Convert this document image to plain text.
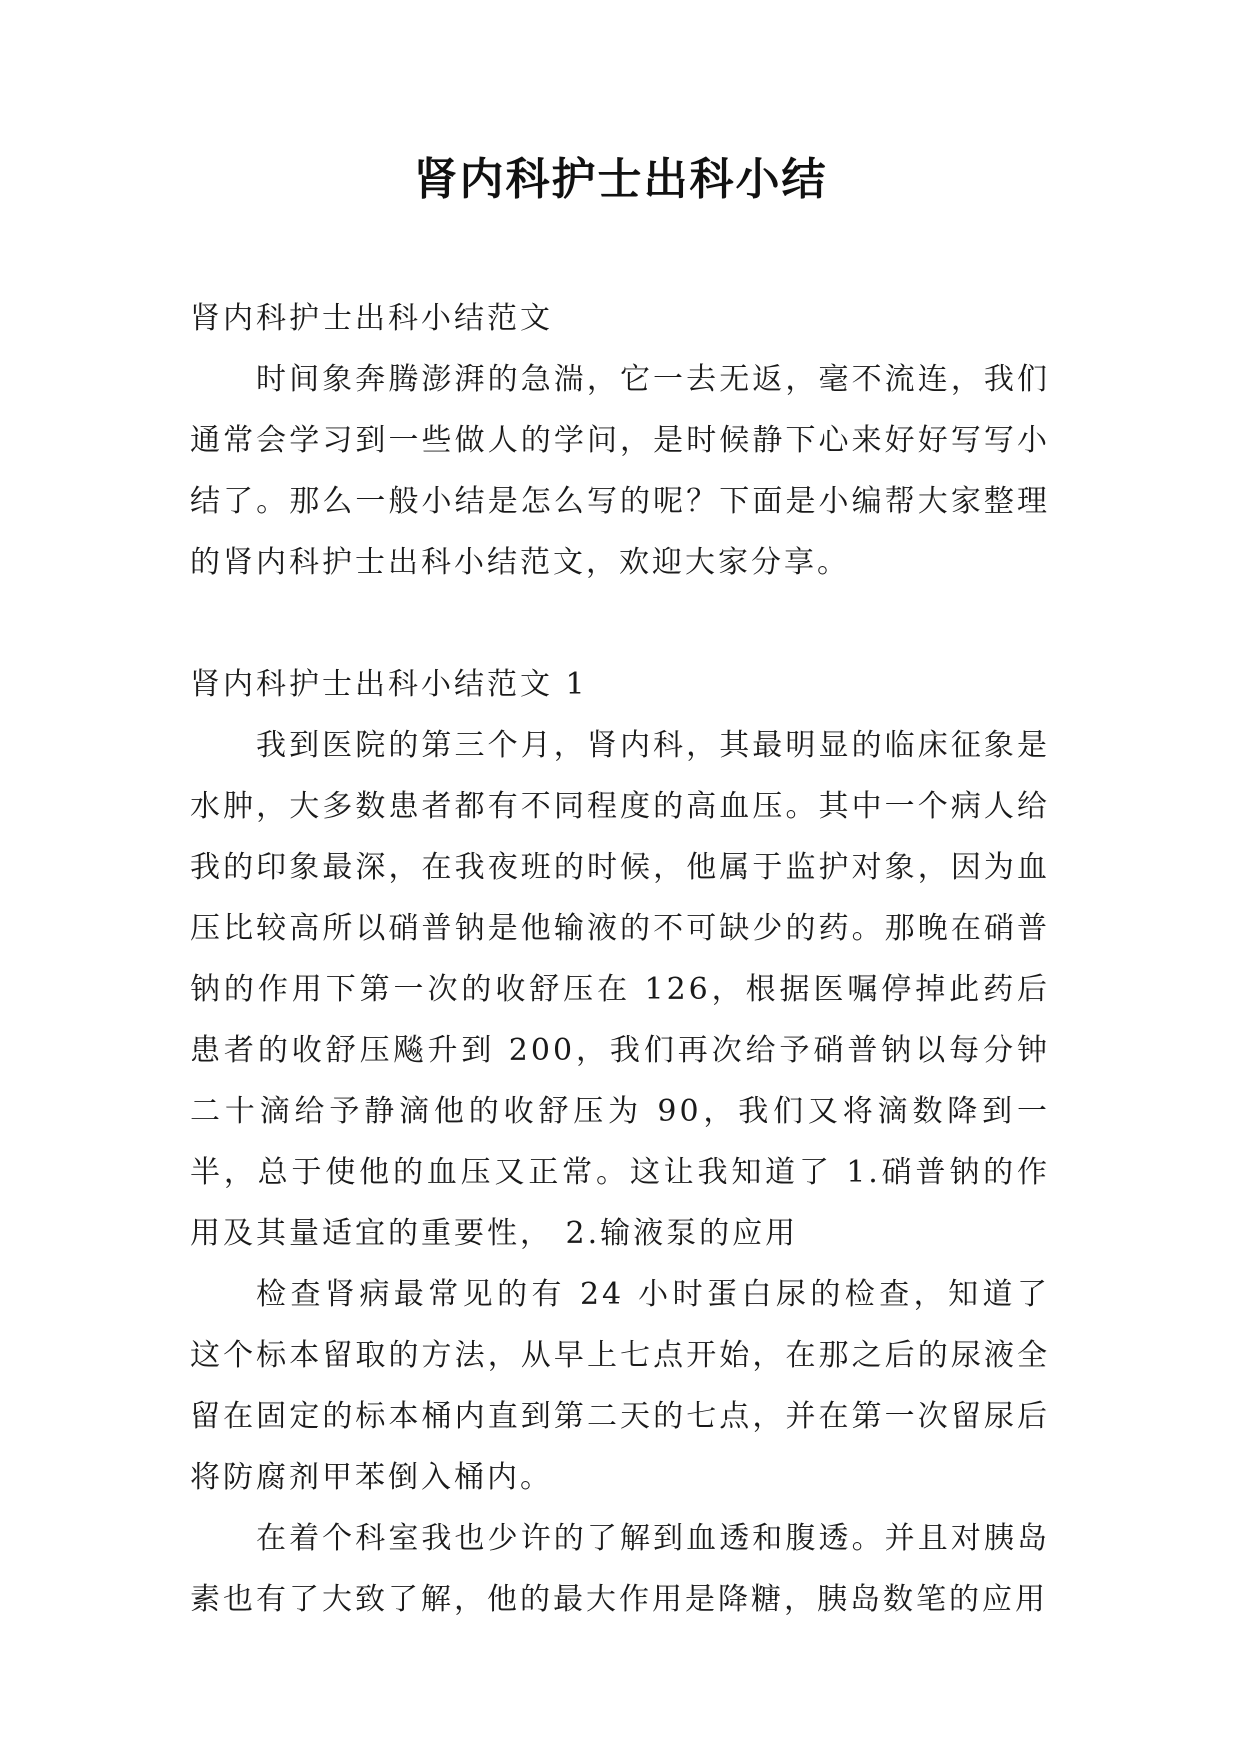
肾内科护士出科小结

肾内科护士出科小结范文

时间象奔腾澎湃的急湍，它一去无返，毫不流连，我们通常会学习到一些做人的学问，是时候静下心来好好写写小结了。那么一般小结是怎么写的呢？下面是小编帮大家整理的肾内科护士出科小结范文，欢迎大家分享。

肾内科护士出科小结范文 1

我到医院的第三个月，肾内科，其最明显的临床征象是水肿，大多数患者都有不同程度的高血压。其中一个病人给我的印象最深，在我夜班的时候，他属于监护对象，因为血压比较高所以硝普钠是他输液的不可缺少的药。那晚在硝普钠的作用下第一次的收舒压在 126，根据医嘱停掉此药后患者的收舒压飚升到 200，我们再次给予硝普钠以每分钟二十滴给予静滴他的收舒压为 90，我们又将滴数降到一半，总于使他的血压又正常。这让我知道了 1.硝普钠的作用及其量适宜的重要性， 2.输液泵的应用

检查肾病最常见的有 24 小时蛋白尿的检查，知道了这个标本留取的方法，从早上七点开始，在那之后的尿液全留在固定的标本桶内直到第二天的七点，并在第一次留尿后将防腐剂甲苯倒入桶内。

在着个科室我也少许的了解到血透和腹透。并且对胰岛素也有了大致了解，他的最大作用是降糖，胰岛数笔的应用
